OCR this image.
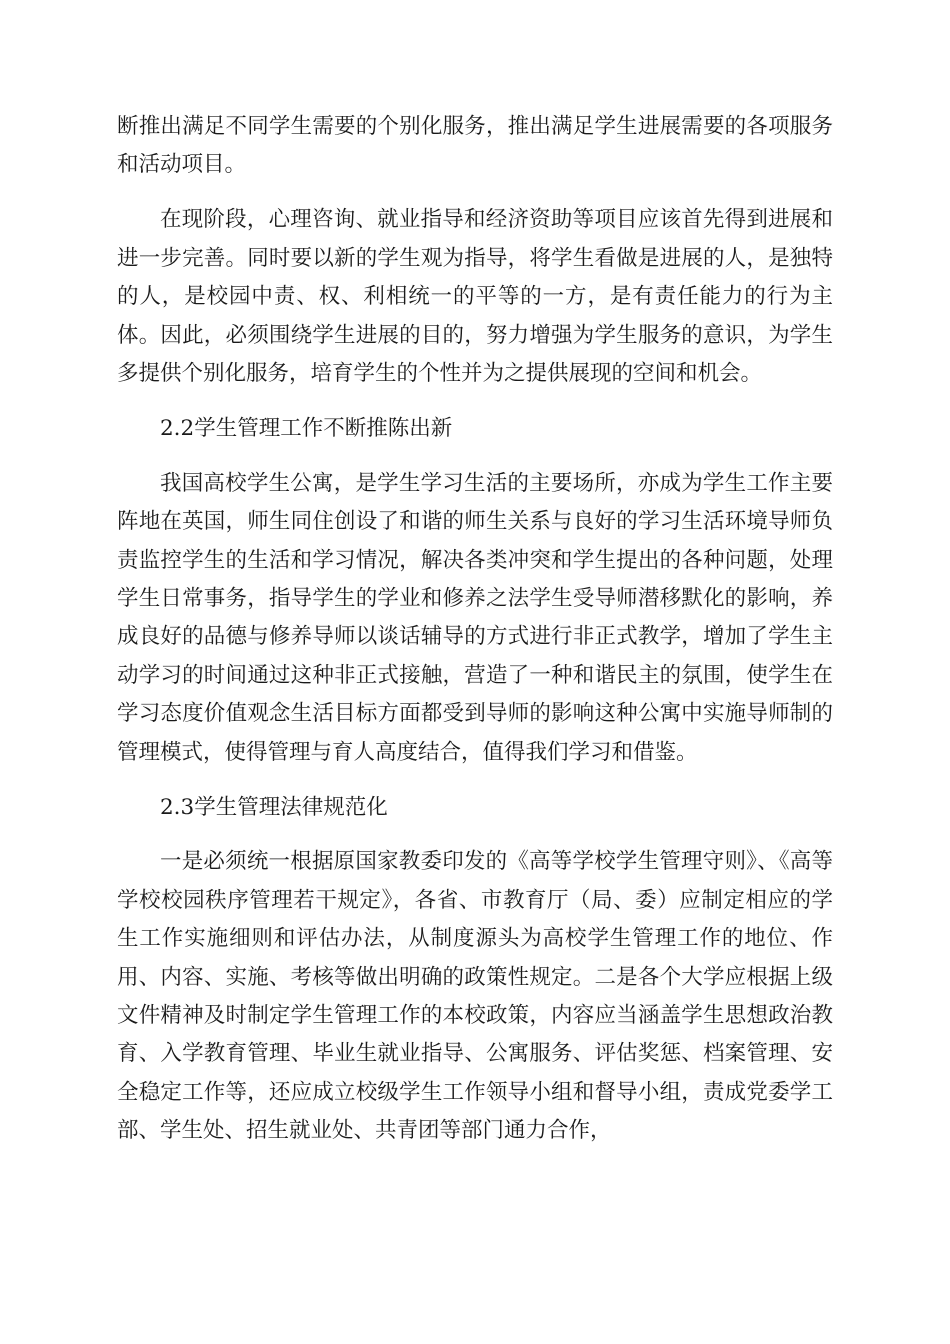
断推出满足不同学生需要的个别化服务，推出满足学生进展需要的各项服务和活动项目。

在现阶段，心理咨询、就业指导和经济资助等项目应该首先得到进展和进一步完善。同时要以新的学生观为指导，将学生看做是进展的人，是独特的人，是校园中责、权、利相统一的平等的一方，是有责任能力的行为主体。因此，必须围绕学生进展的目的，努力增强为学生服务的意识，为学生多提供个别化服务，培育学生的个性并为之提供展现的空间和机会。

2.2学生管理工作不断推陈出新

我国高校学生公寓，是学生学习生活的主要场所，亦成为学生工作主要阵地在英国，师生同住创设了和谐的师生关系与良好的学习生活环境导师负责监控学生的生活和学习情况，解决各类冲突和学生提出的各种问题，处理学生日常事务，指导学生的学业和修养之法学生受导师潜移默化的影响，养成良好的品德与修养导师以谈话辅导的方式进行非正式教学，增加了学生主动学习的时间通过这种非正式接触，营造了一种和谐民主的氛围，使学生在学习态度价值观念生活目标方面都受到导师的影响这种公寓中实施导师制的管理模式，使得管理与育人高度结合，值得我们学习和借鉴。

2.3学生管理法律规范化

一是必须统一根据原国家教委印发的《高等学校学生管理守则》、《高等学校校园秩序管理若干规定》，各省、市教育厅（局、委）应制定相应的学生工作实施细则和评估办法，从制度源头为高校学生管理工作的地位、作用、内容、实施、考核等做出明确的政策性规定。二是各个大学应根据上级文件精神及时制定学生管理工作的本校政策，内容应当涵盖学生思想政治教育、入学教育管理、毕业生就业指导、公寓服务、评估奖惩、档案管理、安全稳定工作等，还应成立校级学生工作领导小组和督导小组，责成党委学工部、学生处、招生就业处、共青团等部门通力合作，
